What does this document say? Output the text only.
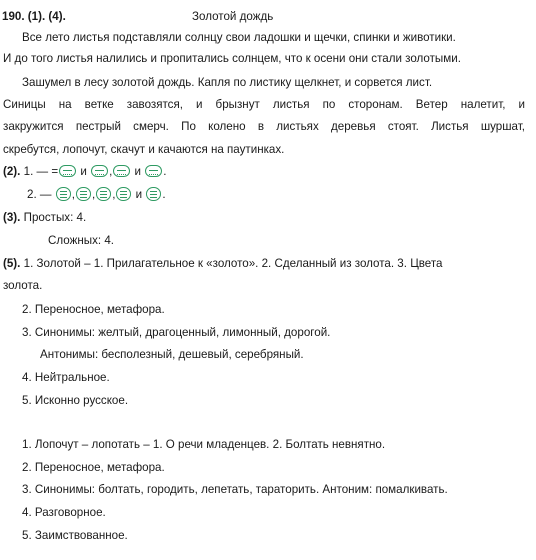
190. (1). (4).	Золотой дождь
Все лето листья подставляли солнцу свои ладошки и щечки, спинки и животики.
И до того листья налились и пропитались солнцем, что к осени они стали золотыми.
Зашумел в лесу золотой дождь. Капля по листику щелкнет, и сорвется лист.
Синицы на ветке завозятся, и брызнут листья по сторонам. Ветер налетит, и
закружится пестрый смерч. По колено в листьях деревья стоят. Листья шуршат,
скребутся, лопочут, скачут и качаются на паутинках.
(2). 1. — = и , и .
2. — , , , и .
(3). Простых: 4.
Сложных: 4.
(5). 1. Золотой – 1. Прилагательное к «золото». 2. Сделанный из золота. 3. Цвета
золота.
2. Переносное, метафора.
3. Синонимы: желтый, драгоценный, лимонный, дорогой.
Антонимы: бесполезный, дешевый, серебряный.
4. Нейтральное.
5. Исконно русское.
1. Лопочут – лопотать – 1. О речи младенцев. 2. Болтать невнятно.
2. Переносное, метафора.
3. Синонимы: болтать, городить, лепетать, тараторить. Антоним: помалкивать.
4. Разговорное.
5. Заимствованное.
